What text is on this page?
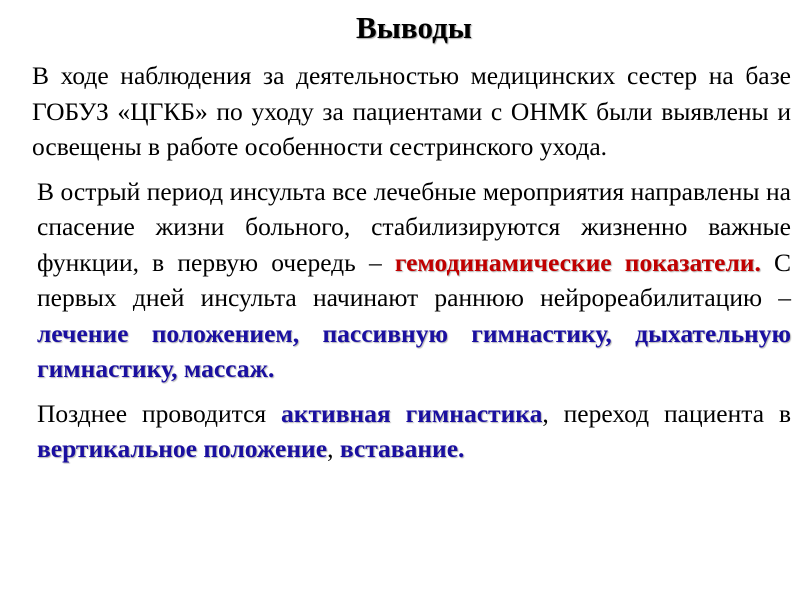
Выводы

В ходе наблюдения за деятельностью медицинских сестер на базе ГОБУЗ «ЦГКБ» по уходу за пациентами с ОНМК были выявлены и освещены в работе особенности сестринского ухода.

В острый период инсульта все лечебные мероприятия направлены на спасение жизни больного, стабилизируются жизненно важные функции, в первую очередь – гемодинамические показатели. С первых дней инсульта начинают раннюю нейрореабилитацию – лечение положением, пассивную гимнастику, дыхательную гимнастику, массаж.

Позднее проводится активная гимнастика, переход пациента в вертикальное положение, вставание.
